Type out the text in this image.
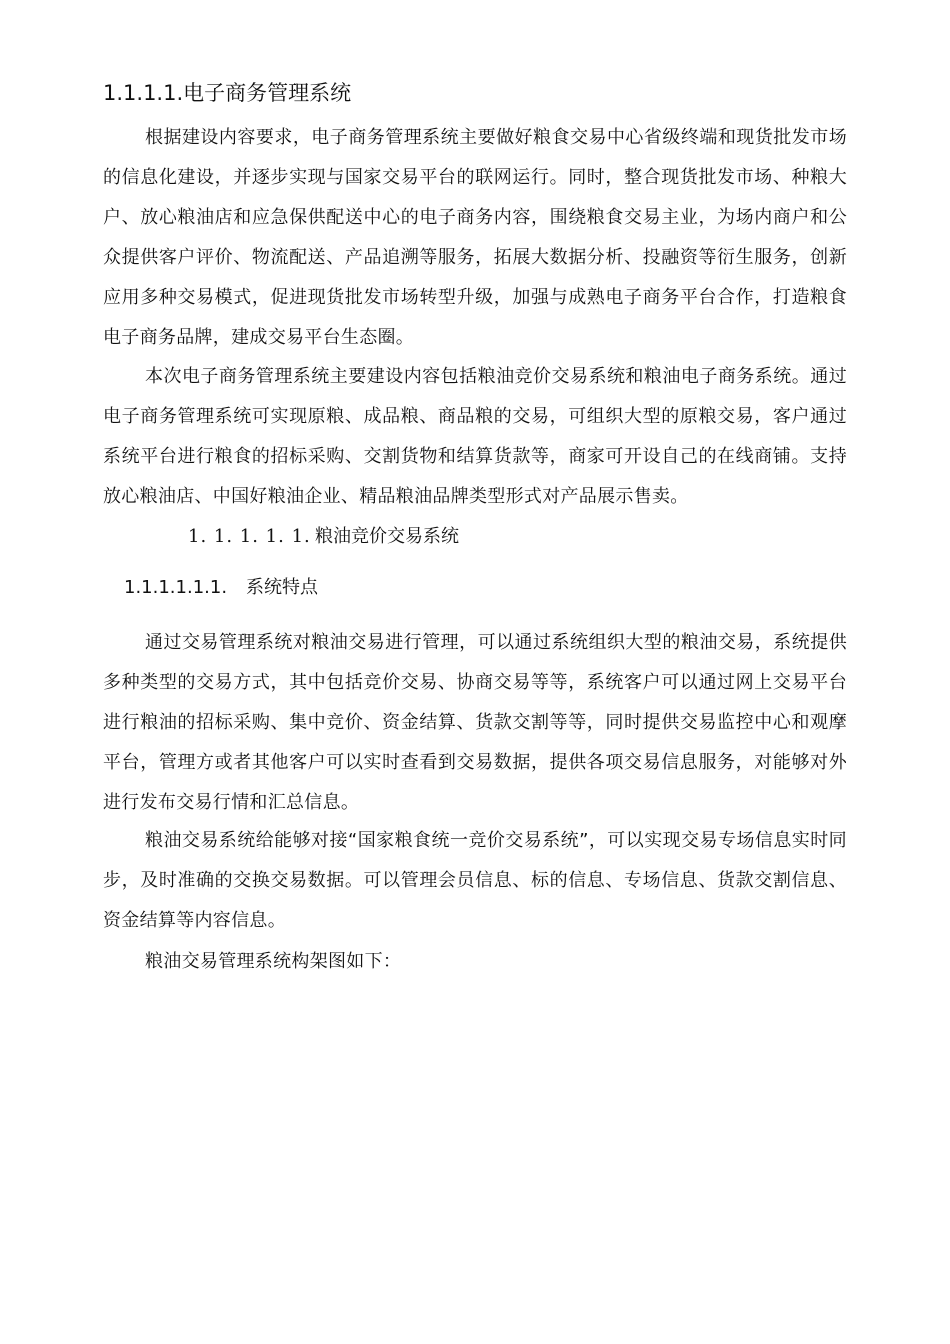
1.1.1.1.电子商务管理系统

根据建设内容要求，电子商务管理系统主要做好粮食交易中心省级终端和现货批发市场的信息化建设，并逐步实现与国家交易平台的联网运行。同时，整合现货批发市场、种粮大户、放心粮油店和应急保供配送中心的电子商务内容，围绕粮食交易主业，为场内商户和公众提供客户评价、物流配送、产品追溯等服务，拓展大数据分析、投融资等衍生服务，创新应用多种交易模式，促进现货批发市场转型升级，加强与成熟电子商务平台合作，打造粮食电子商务品牌，建成交易平台生态圈。

本次电子商务管理系统主要建设内容包括粮油竞价交易系统和粮油电子商务系统。通过电子商务管理系统可实现原粮、成品粮、商品粮的交易，可组织大型的原粮交易，客户通过系统平台进行粮食的招标采购、交割货物和结算货款等，商家可开设自己的在线商铺。支持放心粮油店、中国好粮油企业、精品粮油品牌类型形式对产品展示售卖。

1. 1. 1. 1. 1. 粮油竞价交易系统
1.1.1.1.1.1. 系统特点

通过交易管理系统对粮油交易进行管理，可以通过系统组织大型的粮油交易，系统提供多种类型的交易方式，其中包括竞价交易、协商交易等等，系统客户可以通过网上交易平台进行粮油的招标采购、集中竞价、资金结算、货款交割等等，同时提供交易监控中心和观摩平台，管理方或者其他客户可以实时查看到交易数据，提供各项交易信息服务，对能够对外进行发布交易行情和汇总信息。

粮油交易系统给能够对接“国家粮食统一竞价交易系统”，可以实现交易专场信息实时同步，及时准确的交换交易数据。可以管理会员信息、标的信息、专场信息、货款交割信息、资金结算等内容信息。

粮油交易管理系统构架图如下：
